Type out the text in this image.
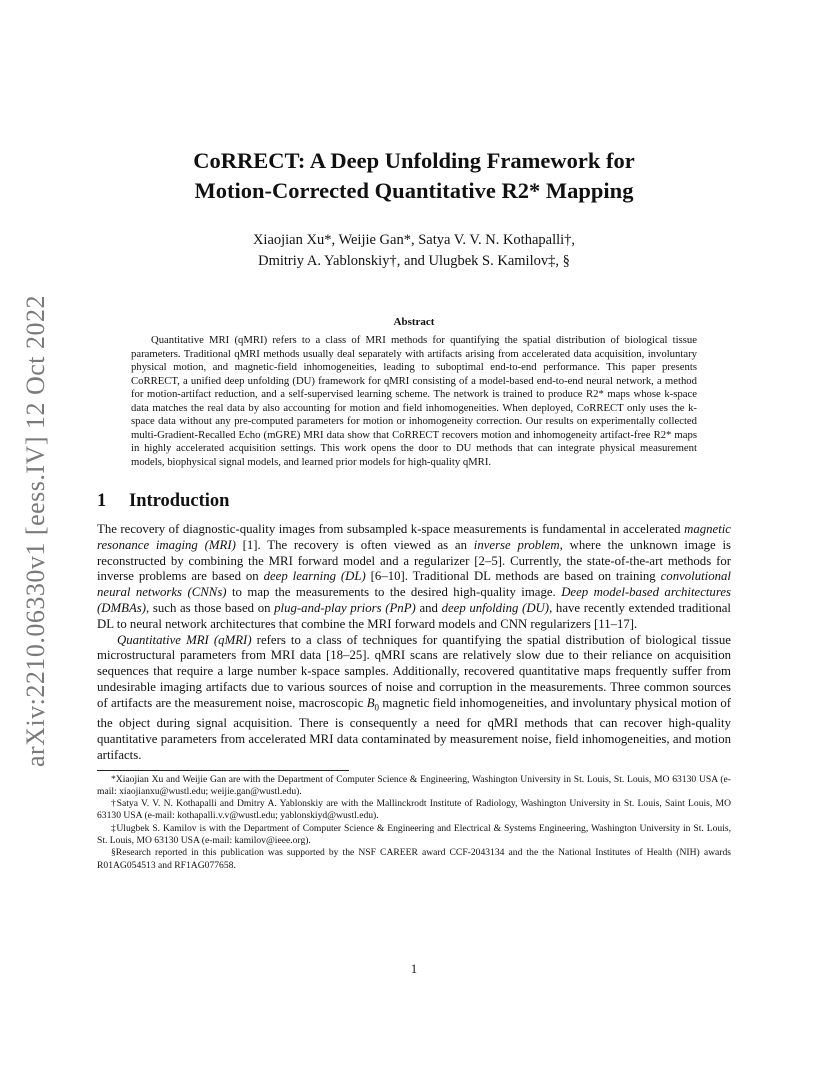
arXiv:2210.06330v1 [eess.IV] 12 Oct 2022
CoRRECT: A Deep Unfolding Framework for
Motion-Corrected Quantitative R2* Mapping
Xiaojian Xu*, Weijie Gan*, Satya V. V. N. Kothapalli†,
Dmitriy A. Yablonskiy†, and Ulugbek S. Kamilov‡, §
Abstract

Quantitative MRI (qMRI) refers to a class of MRI methods for quantifying the spatial distribution of biological tissue parameters. Traditional qMRI methods usually deal separately with artifacts arising from accelerated data acquisition, involuntary physical motion, and magnetic-field inhomogeneities, leading to suboptimal end-to-end performance. This paper presents CoRRECT, a unified deep unfolding (DU) framework for qMRI consisting of a model-based end-to-end neural network, a method for motion-artifact reduction, and a self-supervised learning scheme. The network is trained to produce R2* maps whose k-space data matches the real data by also accounting for motion and field inhomogeneities. When deployed, CoRRECT only uses the k-space data without any pre-computed parameters for motion or inhomogeneity correction. Our results on experimentally collected multi-Gradient-Recalled Echo (mGRE) MRI data show that CoRRECT recovers motion and inhomogeneity artifact-free R2* maps in highly accelerated acquisition settings. This work opens the door to DU methods that can integrate physical measurement models, biophysical signal models, and learned prior models for high-quality qMRI.

1 Introduction

The recovery of diagnostic-quality images from subsampled k-space measurements is fundamental in accelerated magnetic resonance imaging (MRI) [1]. The recovery is often viewed as an inverse problem, where the unknown image is reconstructed by combining the MRI forward model and a regularizer [2–5]. Currently, the state-of-the-art methods for inverse problems are based on deep learning (DL) [6–10]. Traditional DL methods are based on training convolutional neural networks (CNNs) to map the measurements to the desired high-quality image. Deep model-based architectures (DMBAs), such as those based on plug-and-play priors (PnP) and deep unfolding (DU), have recently extended traditional DL to neural network architectures that combine the MRI forward models and CNN regularizers [11–17].

Quantitative MRI (qMRI) refers to a class of techniques for quantifying the spatial distribution of biological tissue microstructural parameters from MRI data [18–25]. qMRI scans are relatively slow due to their reliance on acquisition sequences that require a large number k-space samples. Additionally, recovered quantitative maps frequently suffer from undesirable imaging artifacts due to various sources of noise and corruption in the measurements. Three common sources of artifacts are the measurement noise, macroscopic $B_0$ magnetic field inhomogeneities, and involuntary physical motion of the object during signal acquisition. There is consequently a need for qMRI methods that can recover high-quality quantitative parameters from accelerated MRI data contaminated by measurement noise, field inhomogeneities, and motion artifacts.

*Xiaojian Xu and Weijie Gan are with the Department of Computer Science & Engineering, Washington University in St. Louis, St. Louis, MO 63130 USA (e-mail: xiaojianxu@wustl.edu; weijie.gan@wustl.edu).

†Satya V. V. N. Kothapalli and Dmitry A. Yablonskiy are with the Mallinckrodt Institute of Radiology, Washington University in St. Louis, Saint Louis, MO 63130 USA (e-mail: kothapalli.v.v@wustl.edu; yablonskiyd@wustl.edu).

‡Ulugbek S. Kamilov is with the Department of Computer Science & Engineering and Electrical & Systems Engineering, Washington University in St. Louis, St. Louis, MO 63130 USA (e-mail: kamilov@ieee.org).

§Research reported in this publication was supported by the NSF CAREER award CCF-2043134 and the the National Institutes of Health (NIH) awards R01AG054513 and RF1AG077658.

1
